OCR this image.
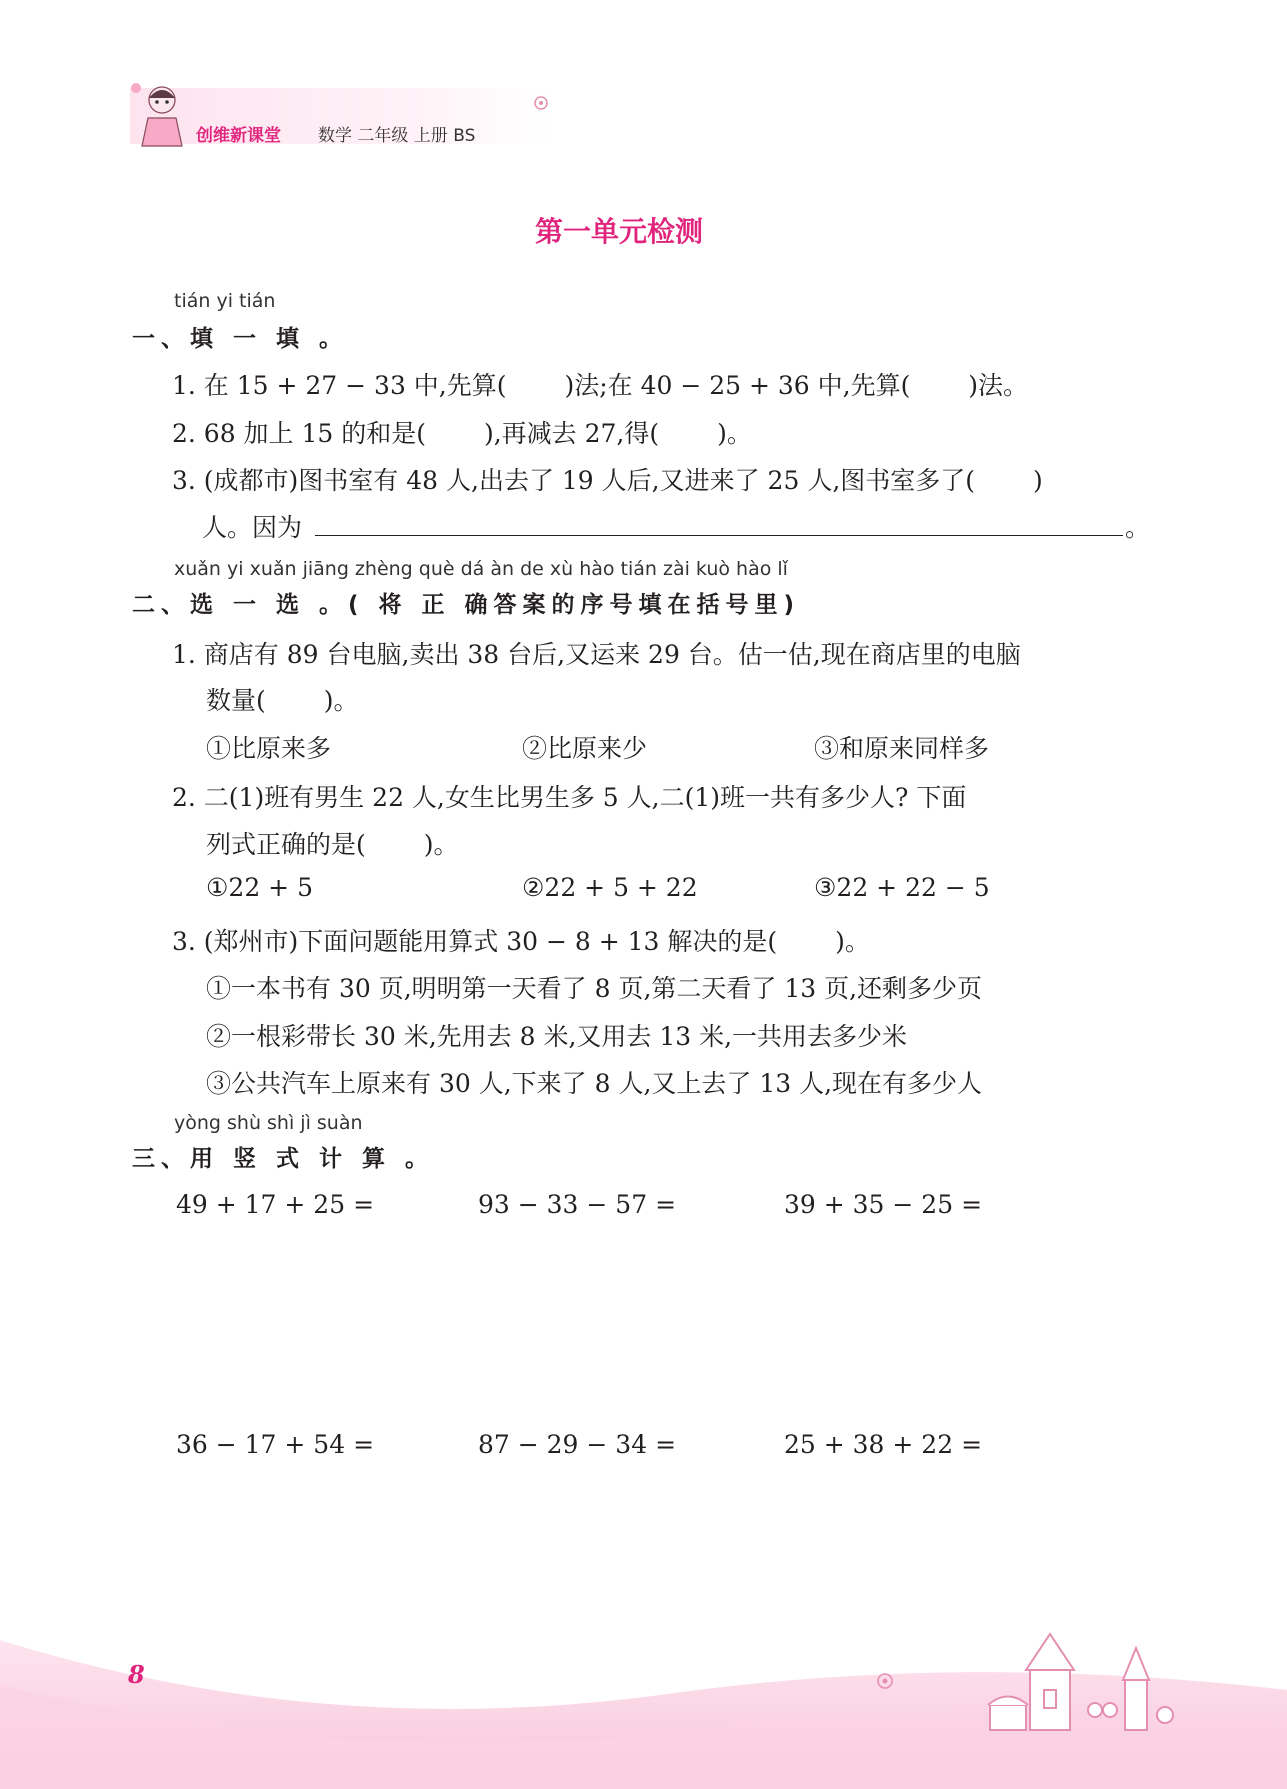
创维新课堂 数学 二年级 上册 BS
第一单元检测
tián yi tián
一、填 一 填 。
1. 在 15 + 27 − 33 中,先算(　　 )法;在 40 − 25 + 36 中,先算(　　 )法。
2. 68 加上 15 的和是(　　 ),再减去 27,得(　　 )。
3. (成都市)图书室有 48 人,出去了 19 人后,又进来了 25 人,图书室多了(　　 )
人。因为	。
xuǎn yi xuǎn jiāng zhèng què dá àn de xù hào tián zài kuò hào lǐ
二、选 一 选 。( 将 正 确答案的序号填在括号里)
1. 商店有 89 台电脑,卖出 38 台后,又运来 29 台。估一估,现在商店里的电脑
数量(　　 )。
①比原来多	②比原来少	③和原来同样多
2. 二(1)班有男生 22 人,女生比男生多 5 人,二(1)班一共有多少人? 下面
列式正确的是(　　 )。
①22 + 5	②22 + 5 + 22	③22 + 22 − 5
3. (郑州市)下面问题能用算式 30 − 8 + 13 解决的是(　　 )。
①一本书有 30 页,明明第一天看了 8 页,第二天看了 13 页,还剩多少页
②一根彩带长 30 米,先用去 8 米,又用去 13 米,一共用去多少米
③公共汽车上原来有 30 人,下来了 8 人,又上去了 13 人,现在有多少人
yòng shù shì jì suàn
三、用 竖 式 计 算 。
49 + 17 + 25 =	93 − 33 − 57 =	39 + 35 − 25 =
36 − 17 + 54 =	87 − 29 − 34 =	25 + 38 + 22 =
8
